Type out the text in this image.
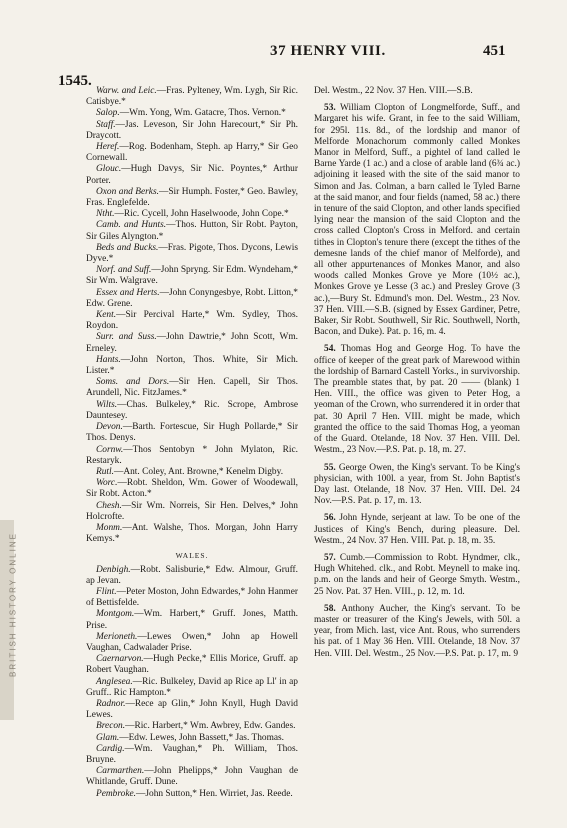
BRITISH HISTORY ONLINE
37 HENRY VIII.	451
1545.

Warw. and Leic.—Fras. Pylteney, Wm. Lygh, Sir Ric. Catisbye.*

Salop.—Wm. Yong, Wm. Gatacre, Thos. Vernon.*

Staff.—Jas. Leveson, Sir John Harecourt,* Sir Ph. Draycott.

Heref.—Rog. Bodenham, Steph. ap Harry,* Sir Geo Cornewall.

Glouc.—Hugh Davys, Sir Nic. Poyntes,* Arthur Porter.

Oxon and Berks.—Sir Humph. Foster,* Geo. Bawley, Fras. Englefelde.

Ntht.—Ric. Cycell, John Haselwoode, John Cope.*

Camb. and Hunts.—Thos. Hutton, Sir Robt. Payton, Sir Giles Alyngton.*

Beds and Bucks.—Fras. Pigote, Thos. Dycons, Lewis Dyve.*

Norf. and Suff.—John Spryng. Sir Edm. Wyndeham,* Sir Wm. Walgrave.

Essex and Herts.—John Conyngesbye, Robt. Litton,* Edw. Grene.

Kent.—Sir Percival Harte,* Wm. Sydley, Thos. Roydon.

Surr. and Suss.—John Dawtrie,* John Scott, Wm. Erneley.

Hants.—John Norton, Thos. White, Sir Mich. Lister.*

Soms. and Dors.—Sir Hen. Capell, Sir Thos. Arundell, Nic. FitzJames.*

Wilts.—Chas. Bulkeley,* Ric. Scrope, Ambrose Dauntesey.

Devon.—Barth. Fortescue, Sir Hugh Pollarde,* Sir Thos. Denys.

Cornw.—Thos Sentobyn * John Mylaton, Ric. Restaryk.

Rutl.—Ant. Coley, Ant. Browne,* Kenelm Digby.

Worc.—Robt. Sheldon, Wm. Gower of Woodewall, Sir Robt. Acton.*

Chesh.—Sir Wm. Norreis, Sir Hen. Delves,* John Holcrofte.

Monm.—Ant. Walshe, Thos. Morgan, John Harry Kemys.*

WALES.

Denbigh.—Robt. Salisburie,* Edw. Almour, Gruff. ap Jevan.

Flint.—Peter Moston, John Edwardes,* John Hanmer of Bettisfelde.

Montgom.—Wm. Harbert,* Gruff. Jones, Matth. Prise.

Merioneth.—Lewes Owen,* John ap Howell Vaughan, Cadwalader Prise.

Caernarvon.—Hugh Pecke,* Ellis Morice, Gruff. ap Robert Vaughan.

Anglesea.—Ric. Bulkeley, David ap Rice ap Ll' in ap Gruff.. Ric Hampton.*

Radnor.—Rece ap Glin,* John Knyll, Hugh David Lewes.

Brecon.—Ric. Harbert,* Wm. Awbrey, Edw. Gandes.

Glam.—Edw. Lewes, John Bassett,* Jas. Thomas.

Cardig.—Wm. Vaughan,* Ph. William, Thos. Bruyne.

Carmarthen.—John Phelipps,* John Vaughan de Whitlande, Gruff. Dune.

Pembroke.—John Sutton,* Hen. Wirriet, Jas. Reede.

Del. Westm., 22 Nov. 37 Hen. VIII.—S.B.

53. William Clopton of Longmelforde, Suff., and Margaret his wife. Grant, in fee to the said William, for 295l. 11s. 8d., of the lordship and manor of Melforde Monachorum commonly called Monkes Manor in Melford, Suff., a pightel of land called le Barne Yarde (1 ac.) and a close of arable land (6¾ ac.) adjoining it leased with the site of the said manor to Simon and Jas. Colman, a barn called le Tyled Barne at the said manor, and four fields (named, 58 ac.) there in tenure of the said Clopton, and other lands specified lying near the mansion of the said Clopton and the cross called Clopton's Cross in Melford. and certain tithes in Clopton's tenure there (except the tithes of the demesne lands of the chief manor of Melforde), and all other appurtenances of Monkes Manor, and also woods called Monkes Grove ye More (10½ ac.), Monkes Grove ye Lesse (3 ac.) and Presley Grove (3 ac.),—Bury St. Edmund's mon. Del. Westm., 23 Nov. 37 Hen. VIII.—S.B. (signed by Essex Gardiner, Petre, Baker, Sir Robt. Southwell, Sir Ric. Southwell, North, Bacon, and Duke). Pat. p. 16, m. 4.

54. Thomas Hog and George Hog. To have the office of keeper of the great park of Marewood within the lordship of Barnard Castell Yorks., in survivorship. The preamble states that, by pat. 20 —— (blank) 1 Hen. VIII., the office was given to Peter Hog, a yeoman of the Crown, who surrendered it in order that pat. 30 April 7 Hen. VIII. might be made, which granted the office to the said Thomas Hog, a yeoman of the Guard. Otelande, 18 Nov. 37 Hen. VIII. Del. Westm., 23 Nov.—P.S. Pat. p. 18, m. 27.

55. George Owen, the King's servant. To be King's physician, with 100l. a year, from St. John Baptist's Day last. Otelande, 18 Nov. 37 Hen. VIII. Del. 24 Nov.—P.S. Pat. p. 17, m. 13.

56. John Hynde, serjeant at law. To be one of the Justices of King's Bench, during pleasure. Del. Westm., 24 Nov. 37 Hen. VIII. Pat. p. 18, m. 35.

57. Cumb.—Commission to Robt. Hyndmer, clk., Hugh Whitehed. clk., and Robt. Meynell to make inq. p.m. on the lands and heir of George Smyth. Westm., 25 Nov. Pat. 37 Hen. VIII., p. 12, m. 1d.

58. Anthony Aucher, the King's servant. To be master or treasurer of the King's Jewels, with 50l. a year, from Mich. last, vice Ant. Rous, who surrenders his pat. of 1 May 36 Hen. VIII. Otelande, 18 Nov. 37 Hen. VIII. Del. Westm., 25 Nov.—P.S. Pat. p. 17, m. 9
